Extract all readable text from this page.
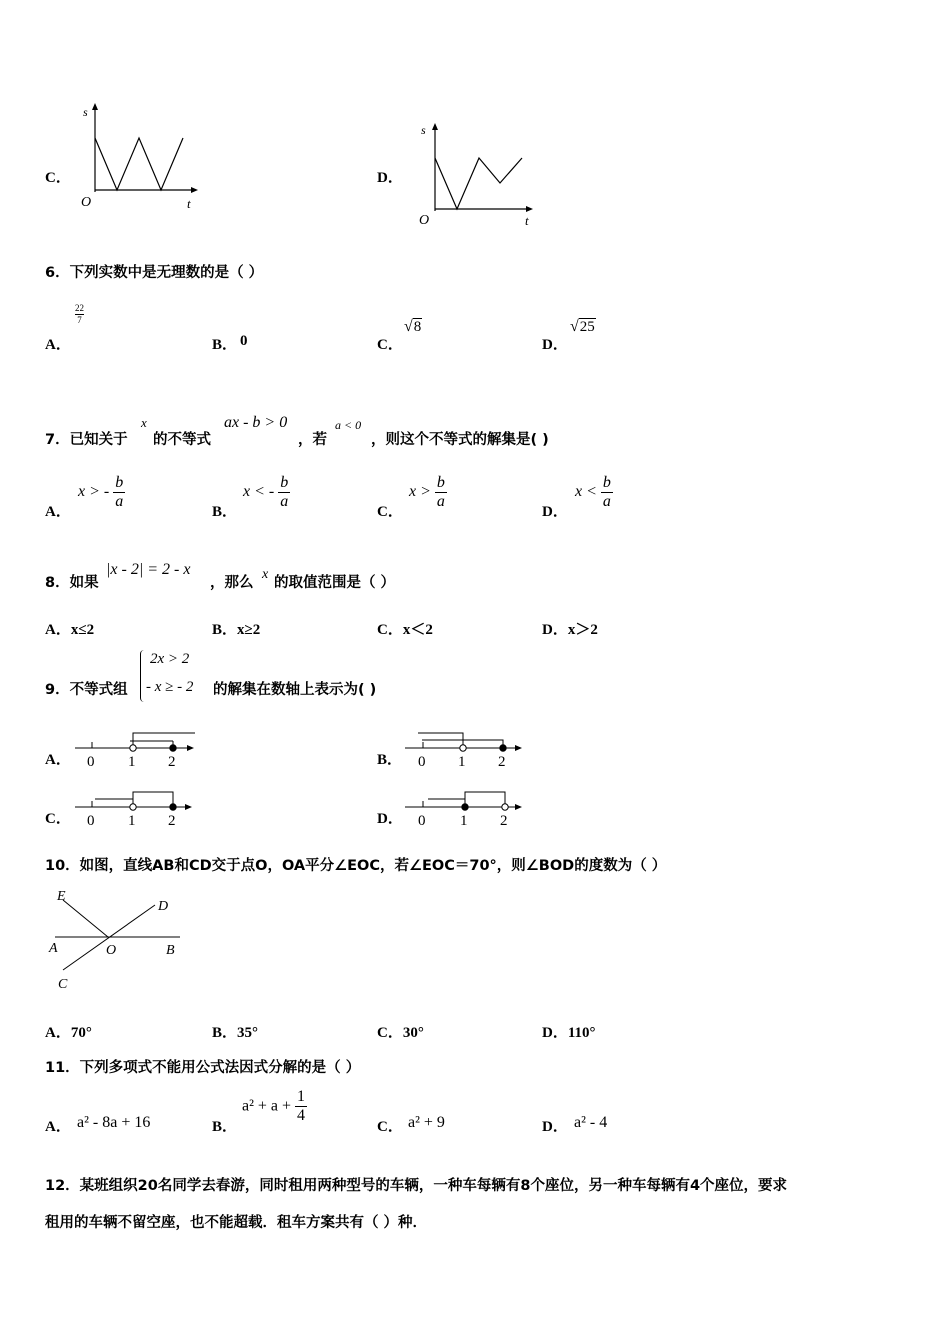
C．
s
O	t
D．
s
O	t
6．下列实数中是无理数的是（ ）
A．
$\frac{22}{7}$
B． 0	C．
√8
D．
√25
7．已知关于
x
的不等式
ax - b > 0
，若
a < 0
，则这个不等式的解集是( )
A．
x > - $\frac{b}{a}$
B．
x < - $\frac{b}{a}$
C．
$x > \frac{b}{a}$
D．
$x < \frac{b}{a}$
8．如果
|x - 2| = 2 - x
，那么
x
的取值范围是（ ）
A．x≤2	B．x≥2	C．x＜2	D．x＞2
9．不等式组
2x > 2
- x ≥ - 2 的解集在数轴上表示为( )
A． 0 1 2	B． 0 1 2
C． 0 1 2	D． 0 1 2
10．如图，直线AB和CD交于点O，OA平分∠EOC，若∠EOC＝70°，则∠BOD的度数为（ ）
E
D
A	O	B
C
A．70°	B．35°	C．30°	D．110°
11．下列多项式不能用公式法因式分解的是（ ）
A． a² - 8a + 16	B．
$a^2 + a + \frac{1}{4}$
C． a² + 9	D． a² - 4
12．某班组织20名同学去春游，同时租用两种型号的车辆，一种车每辆有8个座位，另一种车每辆有4个座位，要求
租用的车辆不留空座，也不能超载．租车方案共有（ ）种．
